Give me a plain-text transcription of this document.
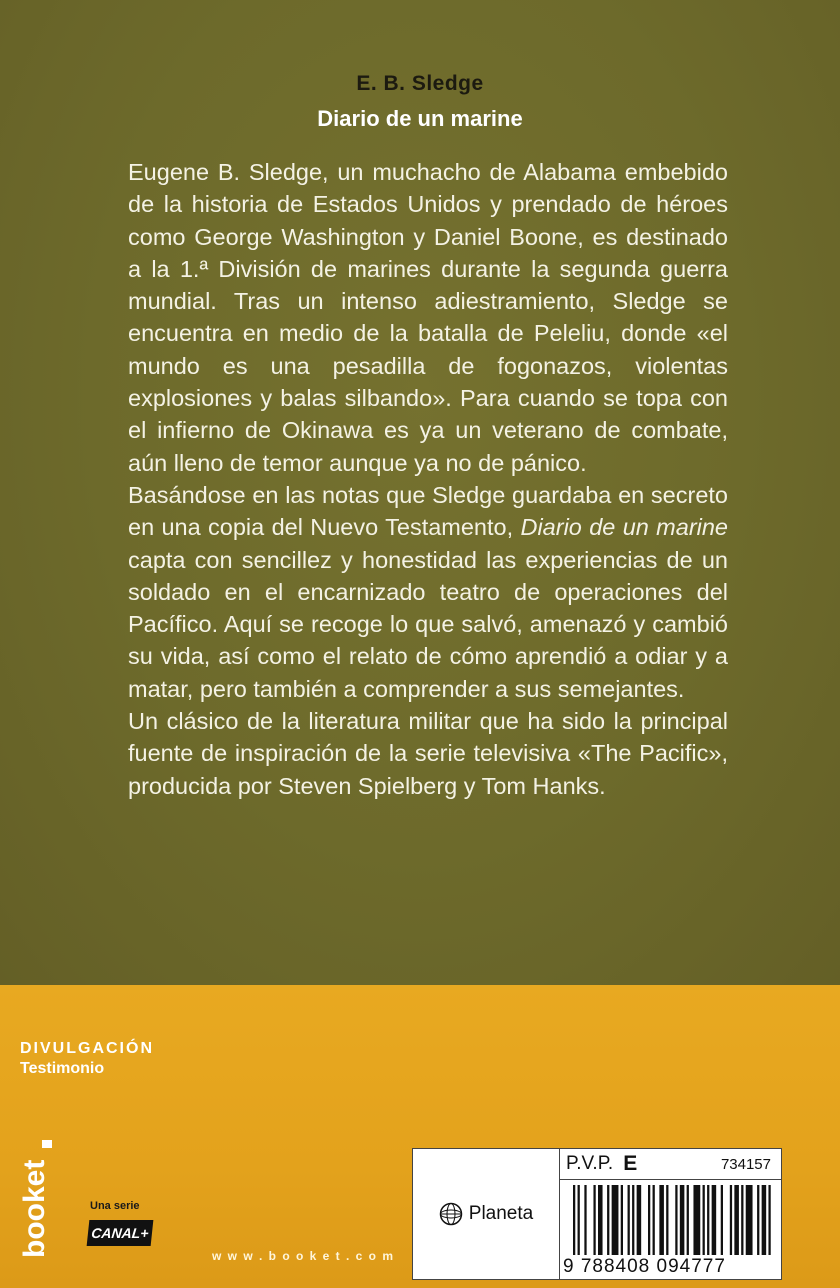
E. B. Sledge
Diario de un marine

Eugene B. Sledge, un muchacho de Alabama embebido de la historia de Estados Unidos y prendado de héroes como George Washington y Daniel Boone, es destinado a la 1.ª División de marines durante la segunda guerra mundial. Tras un intenso adiestramiento, Sledge se encuentra en medio de la batalla de Peleliu, donde «el mundo es una pesadilla de fogonazos, violentas explosiones y balas silbando». Para cuando se topa con el infierno de Okinawa es ya un veterano de combate, aún lleno de temor aunque ya no de pánico.

Basándose en las notas que Sledge guardaba en secreto en una copia del Nuevo Testamento, Diario de un marine capta con sencillez y honestidad las experiencias de un soldado en el encarnizado teatro de operaciones del Pacífico. Aquí se recoge lo que salvó, amenazó y cambió su vida, así como el relato de cómo aprendió a odiar y a matar, pero también a comprender a sus semejantes.

Un clásico de la literatura militar que ha sido la principal fuente de inspiración de la serie televisiva «The Pacific», producida por Steven Spielberg y Tom Hanks.

DIVULGACIÓN
Testimonio
booket	Una serie
CANAL+
w w w . b o o k e t . c o m
Planeta
P.V.P. E	734157
9 788408 094777
